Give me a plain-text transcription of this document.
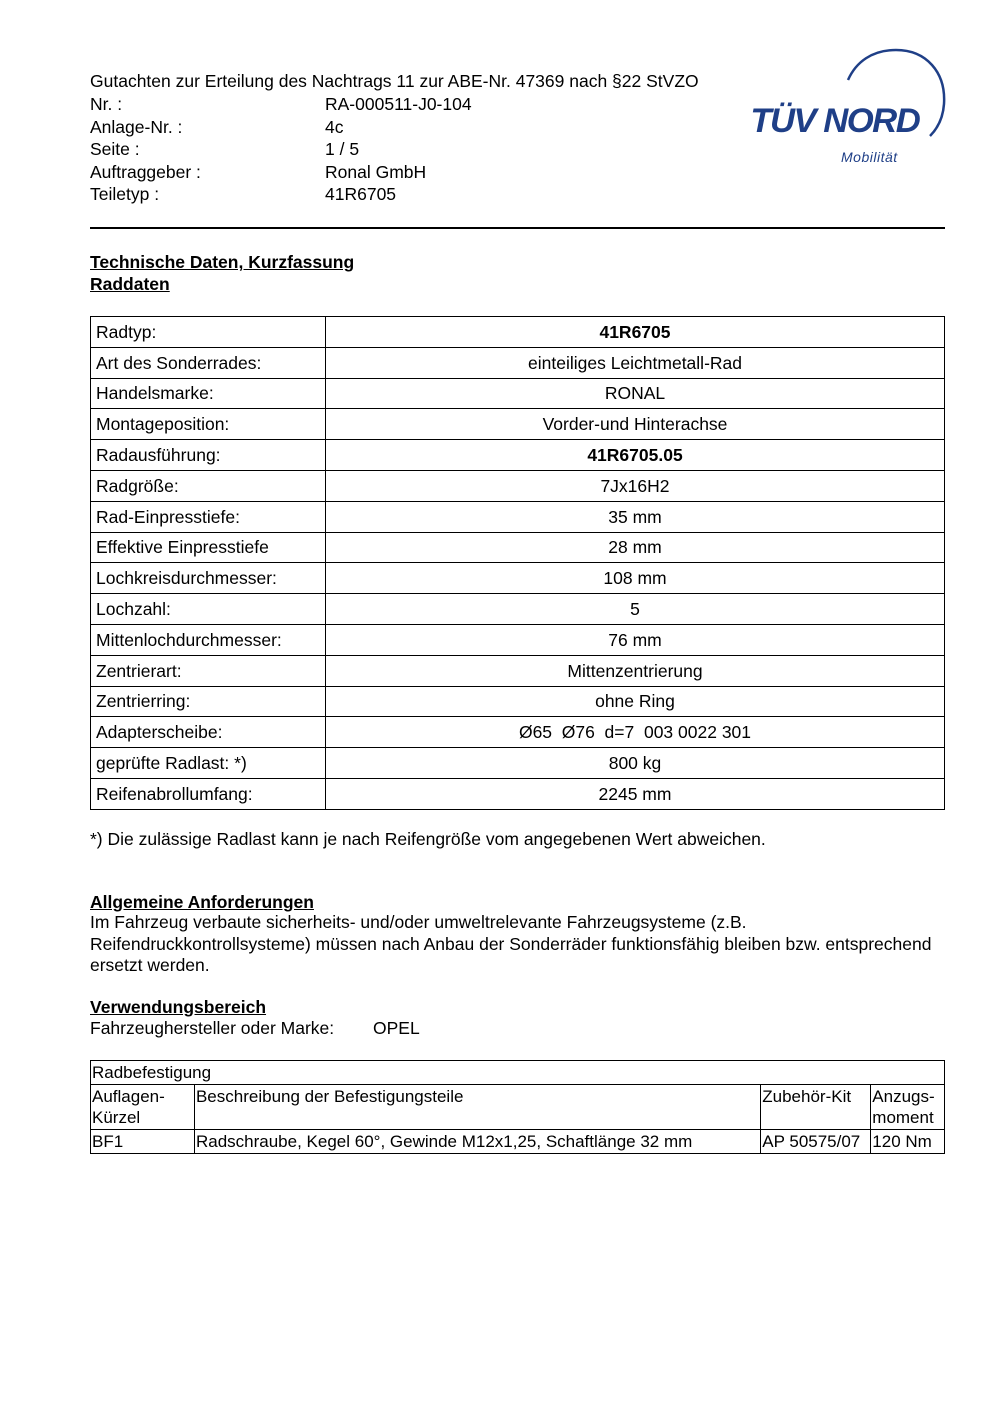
Gutachten zur Erteilung des Nachtrags 11 zur ABE-Nr. 47369 nach §22 StVZO
Nr. :	RA-000511-J0-104
Anlage-Nr. :	4c
Seite :	1 / 5
Auftraggeber :	Ronal GmbH
Teiletyp :	41R6705
TÜV NORD
Mobilität
Technische Daten, Kurzfassung
Raddaten
Radtyp:	41R6705
Art des Sonderrades:	einteiliges Leichtmetall-Rad
Handelsmarke:	RONAL
Montageposition:	Vorder-und Hinterachse
Radausführung:	41R6705.05
Radgröße:	7Jx16H2
Rad-Einpresstiefe:	35 mm
Effektive Einpresstiefe	28 mm
Lochkreisdurchmesser:	108 mm
Lochzahl:	5
Mittenlochdurchmesser:	76 mm
Zentrierart:	Mittenzentrierung
Zentrierring:	ohne Ring
Adapterscheibe:	Ø65  Ø76  d=7  003 0022 301
geprüfte Radlast: *)	800 kg
Reifenabrollumfang:	2245 mm
*) Die zulässige Radlast kann je nach Reifengröße vom angegebenen Wert abweichen.
Allgemeine Anforderungen
Im Fahrzeug verbaute sicherheits- und/oder umweltrelevante Fahrzeugsysteme (z.B. Reifendruckkontrollsysteme) müssen nach Anbau der Sonderräder funktionsfähig bleiben bzw. entsprechend ersetzt werden.
Verwendungsbereich
Fahrzeughersteller oder Marke:	OPEL
Radbefestigung			
Auflagen-Kürzel	Beschreibung der Befestigungsteile	Zubehör-Kit	Anzugs-moment
BF1	Radschraube, Kegel 60°, Gewinde M12x1,25, Schaftlänge 32 mm	AP 50575/07	120 Nm
